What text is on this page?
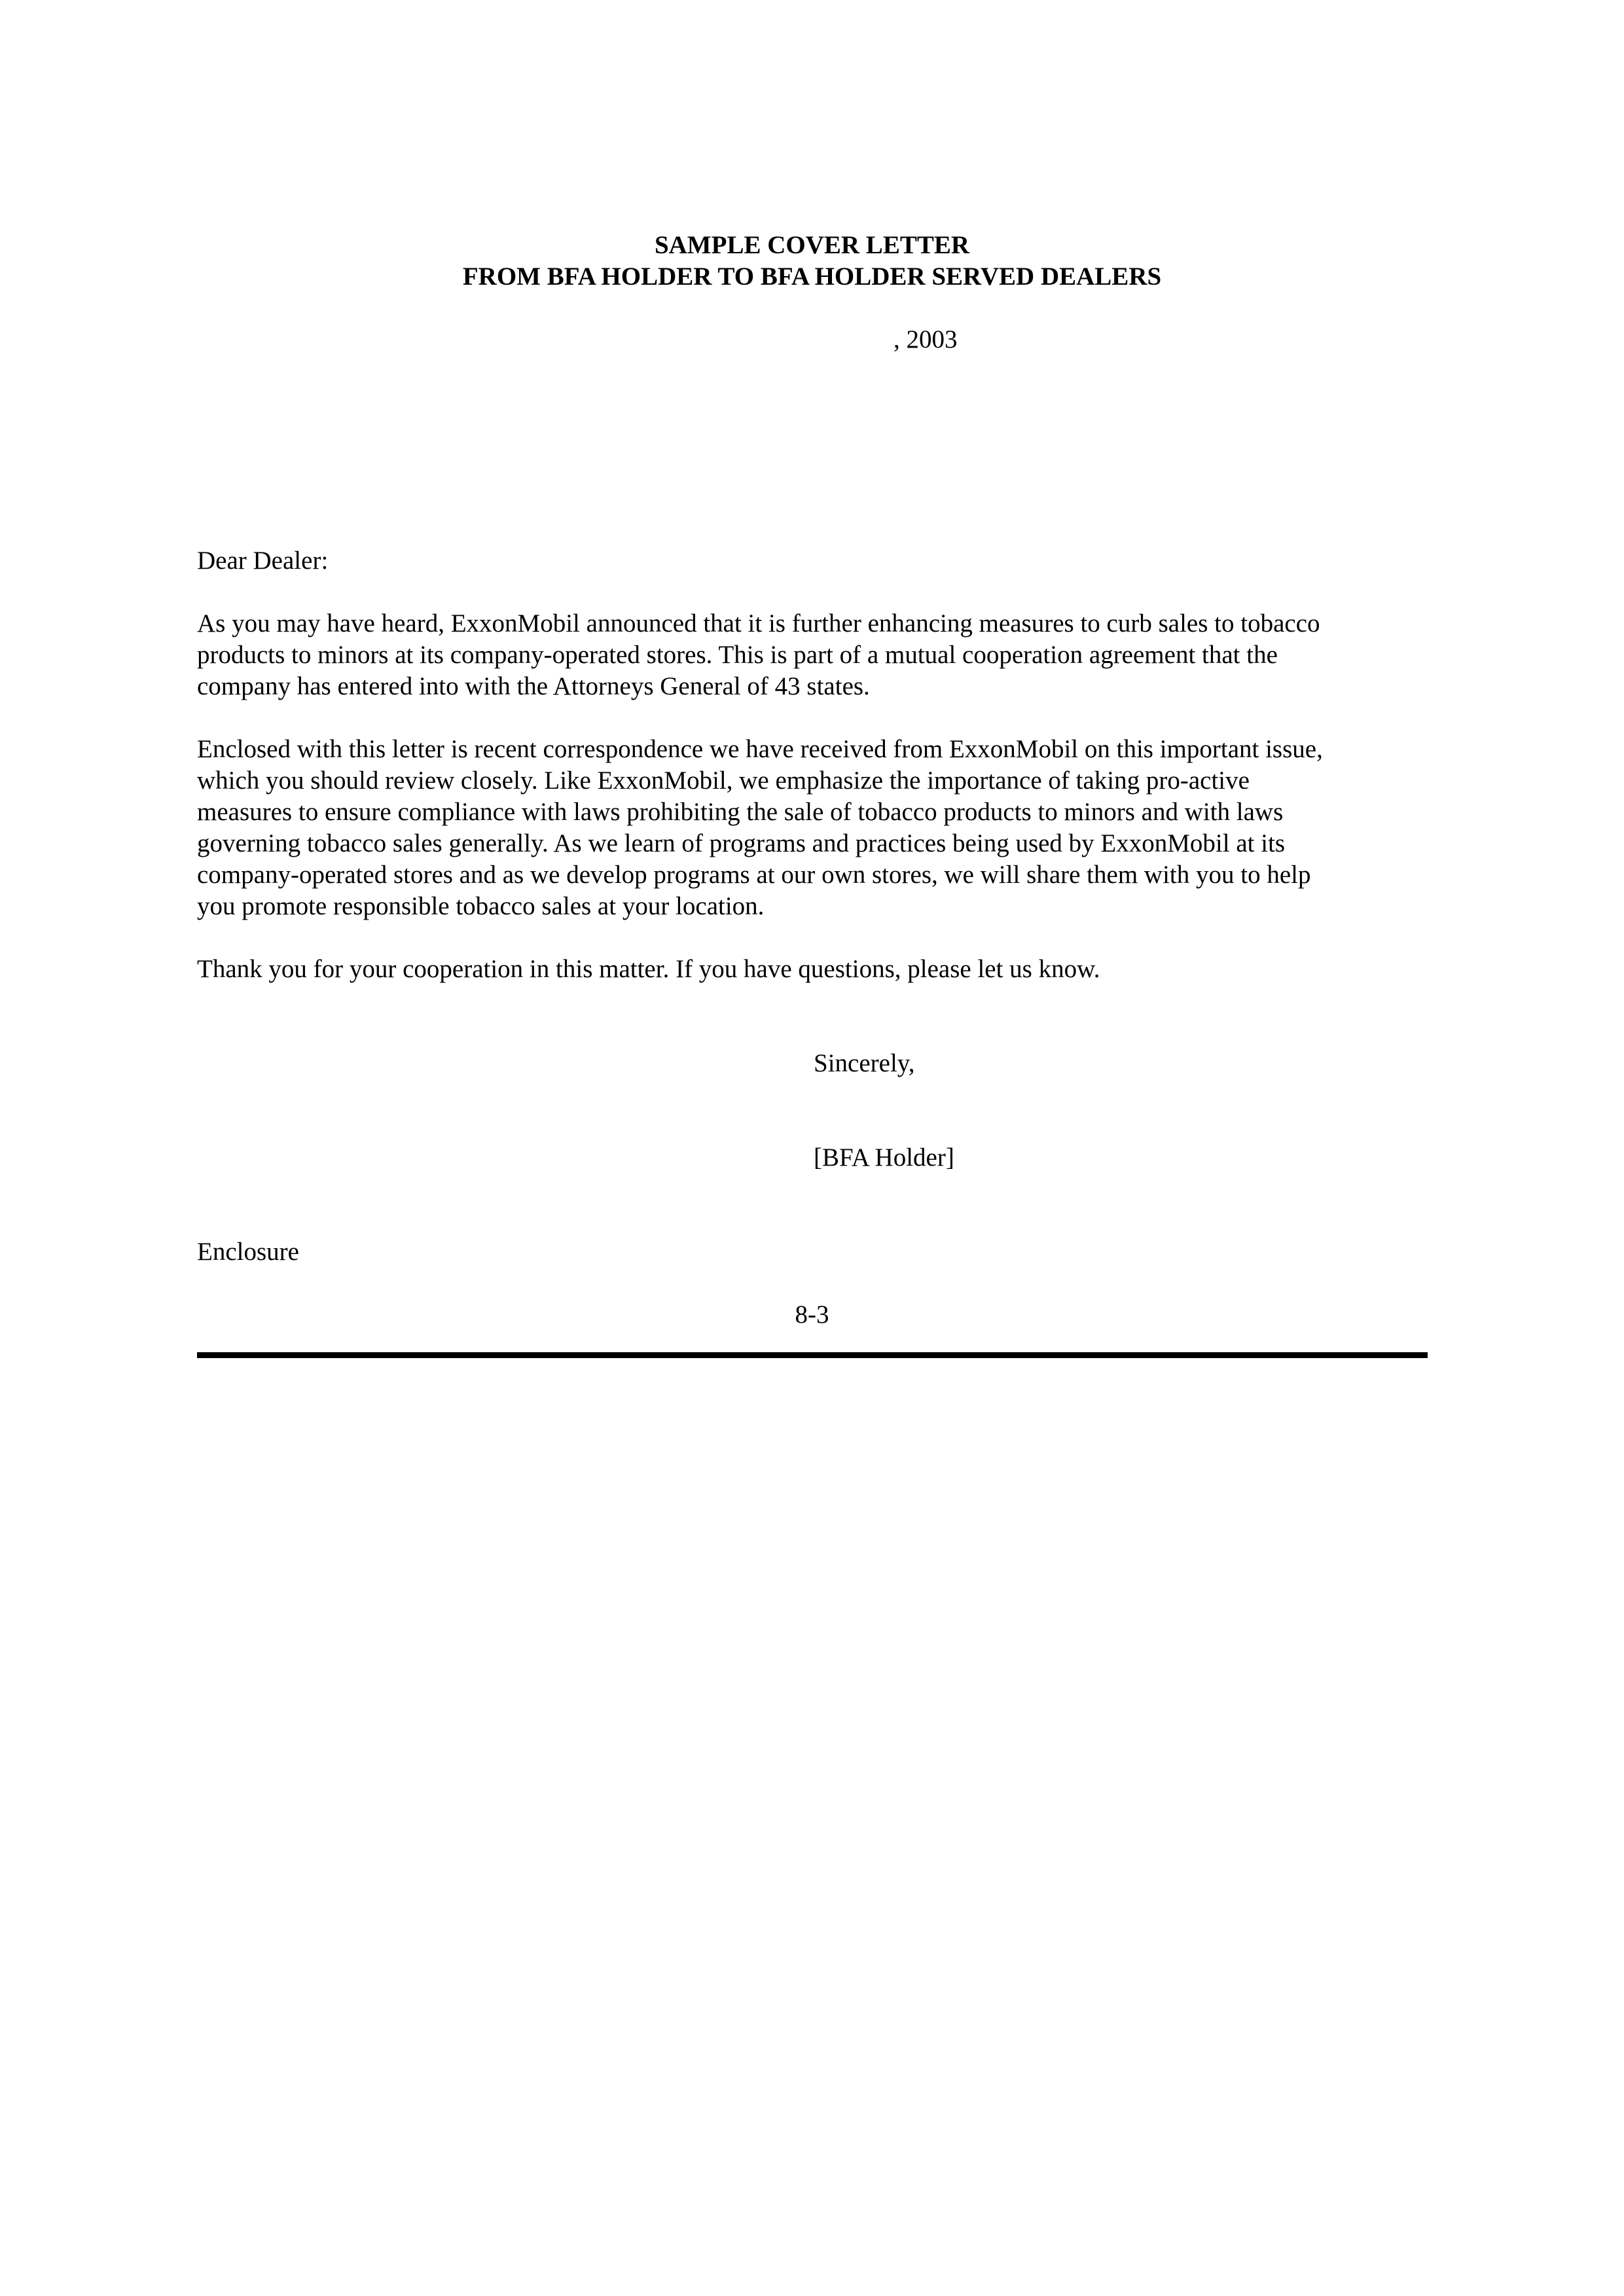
SAMPLE COVER LETTER
FROM BFA HOLDER TO BFA HOLDER SERVED DEALERS
, 2003
Dear Dealer:
As you may have heard, ExxonMobil announced that it is further enhancing measures to curb sales to tobacco
products to minors at its company-operated stores. This is part of a mutual cooperation agreement that the
company has entered into with the Attorneys General of 43 states.
Enclosed with this letter is recent correspondence we have received from ExxonMobil on this important issue,
which you should review closely. Like ExxonMobil, we emphasize the importance of taking pro-active
measures to ensure compliance with laws prohibiting the sale of tobacco products to minors and with laws
governing tobacco sales generally. As we learn of programs and practices being used by ExxonMobil at its
company-operated stores and as we develop programs at our own stores, we will share them with you to help
you promote responsible tobacco sales at your location.
Thank you for your cooperation in this matter. If you have questions, please let us know.
Sincerely,
[BFA Holder]
Enclosure
8-3
